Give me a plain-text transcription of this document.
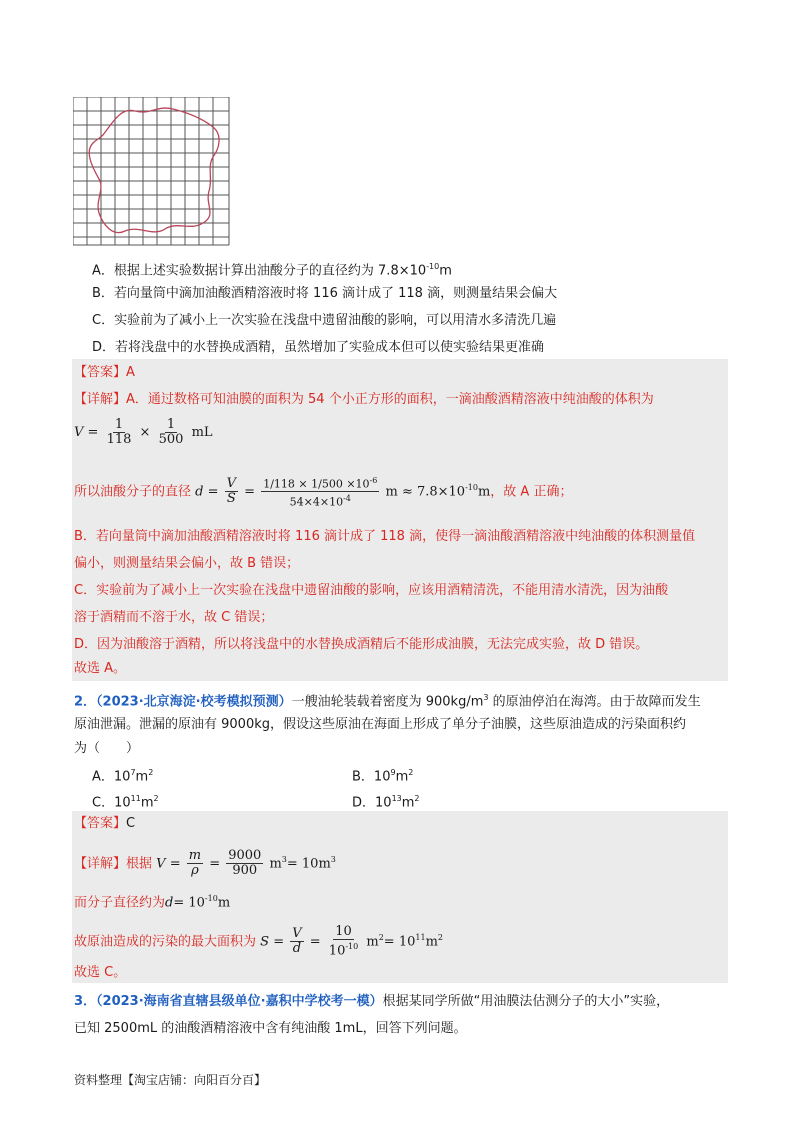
A．根据上述实验数据计算出油酸分子的直径约为 $7.8\times 10^{-10}m$
B．若向量筒中滴加油酸酒精溶液时将 116 滴计成了 118 滴，则测量结果会偏大
C．实验前为了减小上一次实验在浅盘中遗留油酸的影响，可以用清水多清洗几遍
D．若将浅盘中的水替换成酒精，虽然增加了实验成本但可以使实验结果更准确
【答案】A
【详解】A．通过数格可知油膜的面积为 54 个小正方形的面积，一滴油酸酒精溶液中纯油酸的体积为
$V = \frac{1}{118} \times \frac{1}{500}$ mL
所以油酸分子的直径 $d = \frac{V}{S} = \frac{1/118 \times 1/500 \times 10^{-6}}{54\times 4\times 10^{-4}}$ $m \approx 7.8\times 10^{-10}m$，故 A 正确；
B．若向量筒中滴加油酸酒精溶液时将 116 滴计成了 118 滴，使得一滴油酸酒精溶液中纯油酸的体积测量值
偏小，则测量结果会偏小，故 B 错误；
C．实验前为了减小上一次实验在浅盘中遗留油酸的影响，应该用酒精清洗，不能用清水清洗，因为油酸
溶于酒精而不溶于水，故 C 错误；
D．因为油酸溶于酒精，所以将浅盘中的水替换成酒精后不能形成油膜，无法完成实验，故 D 错误。
故选 A。
2．（2023·北京海淀·校考模拟预测）一艘油轮装载着密度为 $900kg/m^3$ 的原油停泊在海湾。由于故障而发生
原油泄漏。泄漏的原油有 9000kg，假设这些原油在海面上形成了单分子油膜，这些原油造成的污染面积约
为（　　）
A．$10^7m^2$	B．$10^9m^2$
C．$10^{11}m^2$	D．$10^{13}m^2$
【答案】C
【详解】根据 $V = \frac{m}{\rho} = \frac{9000}{900} m^3= 10m^3$
而分子直径约为$d= 10^{-10}m$
故原油造成的污染的最大面积为 $S = \frac{V}{d} = \frac{10}{10^{-10}} m^2= 10^{11}m^2$
故选 C。
3．（2023·海南省直辖县级单位·嘉积中学校考一模）根据某同学所做“用油膜法估测分子的大小”实验，
已知 2500mL 的油酸酒精溶液中含有纯油酸 1mL，回答下列问题。
资料整理【淘宝店铺：向阳百分百】
